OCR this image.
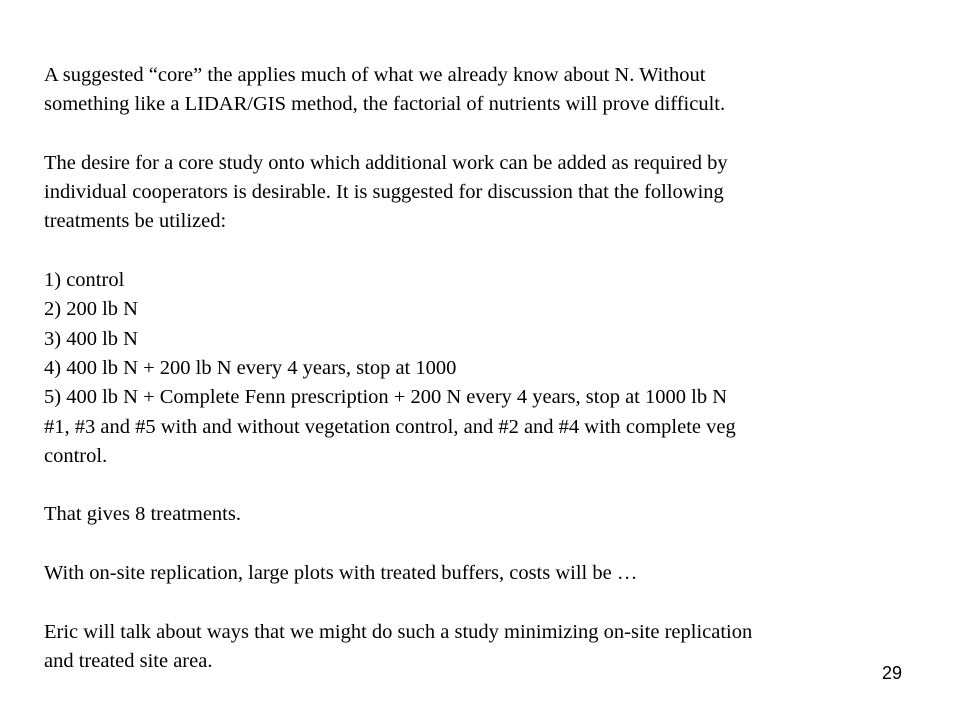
A suggested “core” the applies much of what we already know about N. Without

something like a LIDAR/GIS method, the factorial of nutrients will prove difficult.

The desire for a core study onto which additional work can be added as required by

individual cooperators is desirable. It is suggested for discussion that the following

treatments be utilized:

1) control

2) 200 lb N

3) 400 lb N

4) 400 lb N + 200 lb N every 4 years, stop at 1000

5) 400 lb N + Complete Fenn prescription + 200 N every 4 years, stop at 1000 lb N

#1, #3 and #5 with and without vegetation control, and #2 and #4 with complete veg

control.

That gives 8 treatments.

With on-site replication, large plots with treated buffers, costs will be …

Eric will talk about ways that we might do such a study minimizing on-site replication

and treated site area.

29
